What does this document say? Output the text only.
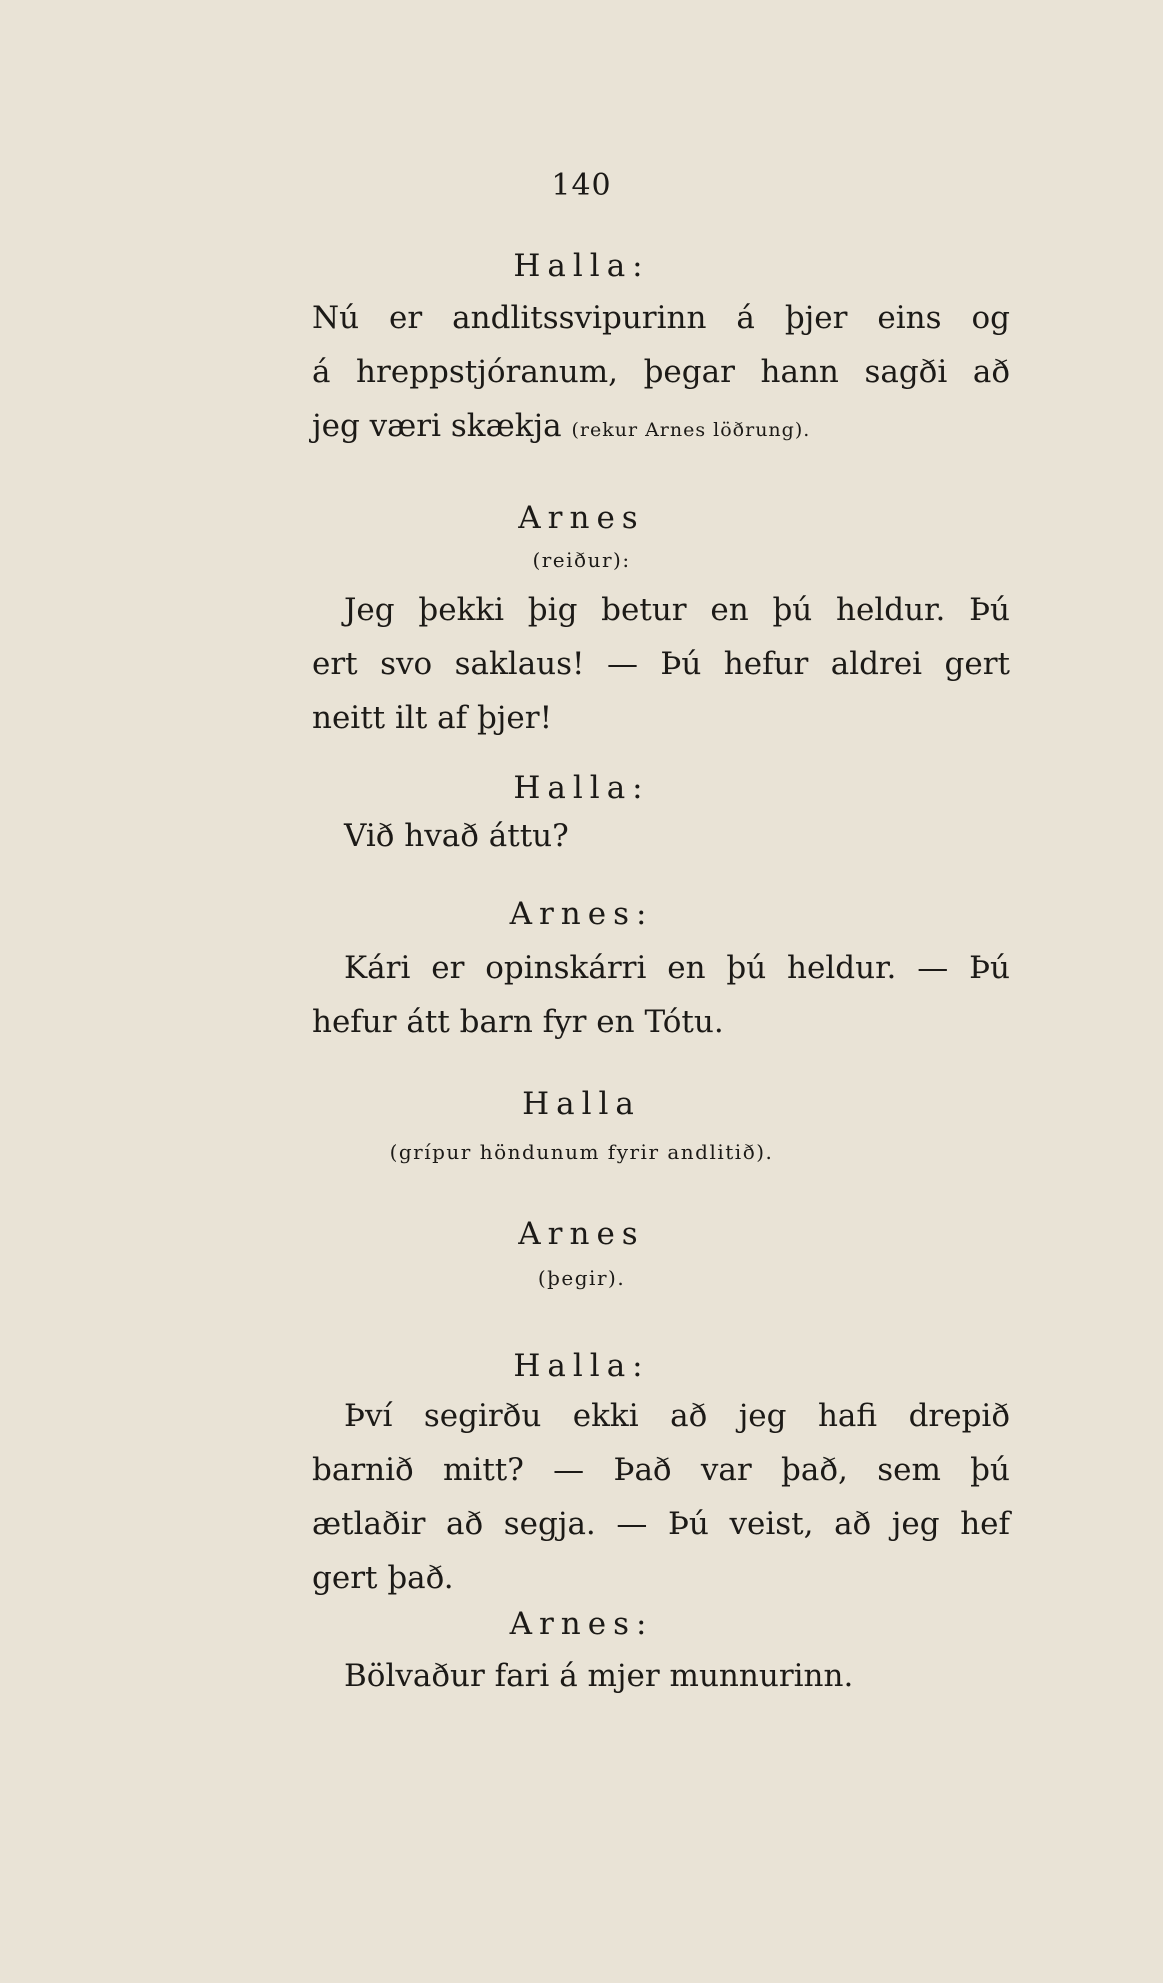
140
Halla:
Nú er andlitssvipurinn á þjer eins og
á hreppstjóranum, þegar hann sagði að
jeg væri skækja (rekur Arnes löðrung).
Arnes
(reiður):
Jeg þekki þig betur en þú heldur. Þú
ert svo saklaus! — Þú hefur aldrei gert
neitt ilt af þjer!
Halla:
Við hvað áttu?
Arnes:
Kári er opinskárri en þú heldur. — Þú
hefur átt barn fyr en Tótu.
Halla
(grípur höndunum fyrir andlitið).
Arnes
(þegir).
Halla:
Því segirðu ekki að jeg hafi drepið
barnið mitt? — Það var það, sem þú
ætlaðir að segja. — Þú veist, að jeg hef
gert það.
Arnes:
Bölvaður fari á mjer munnurinn.
